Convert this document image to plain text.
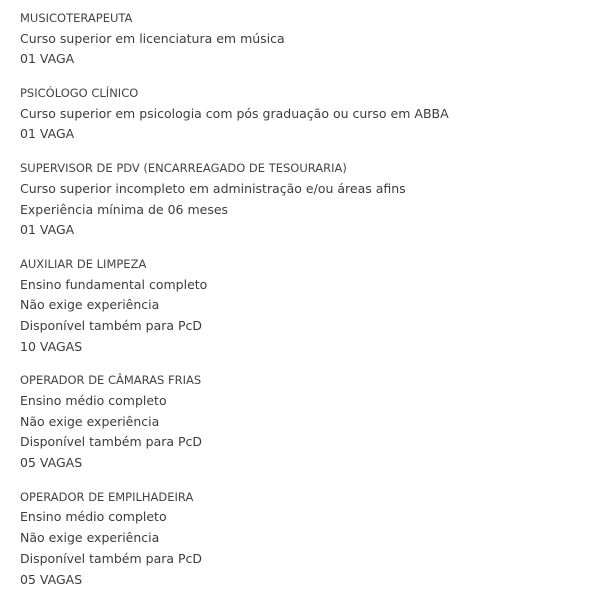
MUSICOTERAPEUTA
Curso superior em licenciatura em música
01 VAGA
PSICÓLOGO CLÍNICO
Curso superior em psicologia com pós graduação ou curso em ABBA
01 VAGA
SUPERVISOR DE PDV (ENCARREAGADO DE TESOURARIA)
Curso superior incompleto em administração e/ou áreas afins
Experiência mínima de 06 meses
01 VAGA
AUXILIAR DE LIMPEZA
Ensino fundamental completo
Não exige experiência
Disponível também para PcD
10 VAGAS
OPERADOR DE CÂMARAS FRIAS
Ensino médio completo
Não exige experiência
Disponível também para PcD
05 VAGAS
OPERADOR DE EMPILHADEIRA
Ensino médio completo
Não exige experiência
Disponível também para PcD
05 VAGAS
